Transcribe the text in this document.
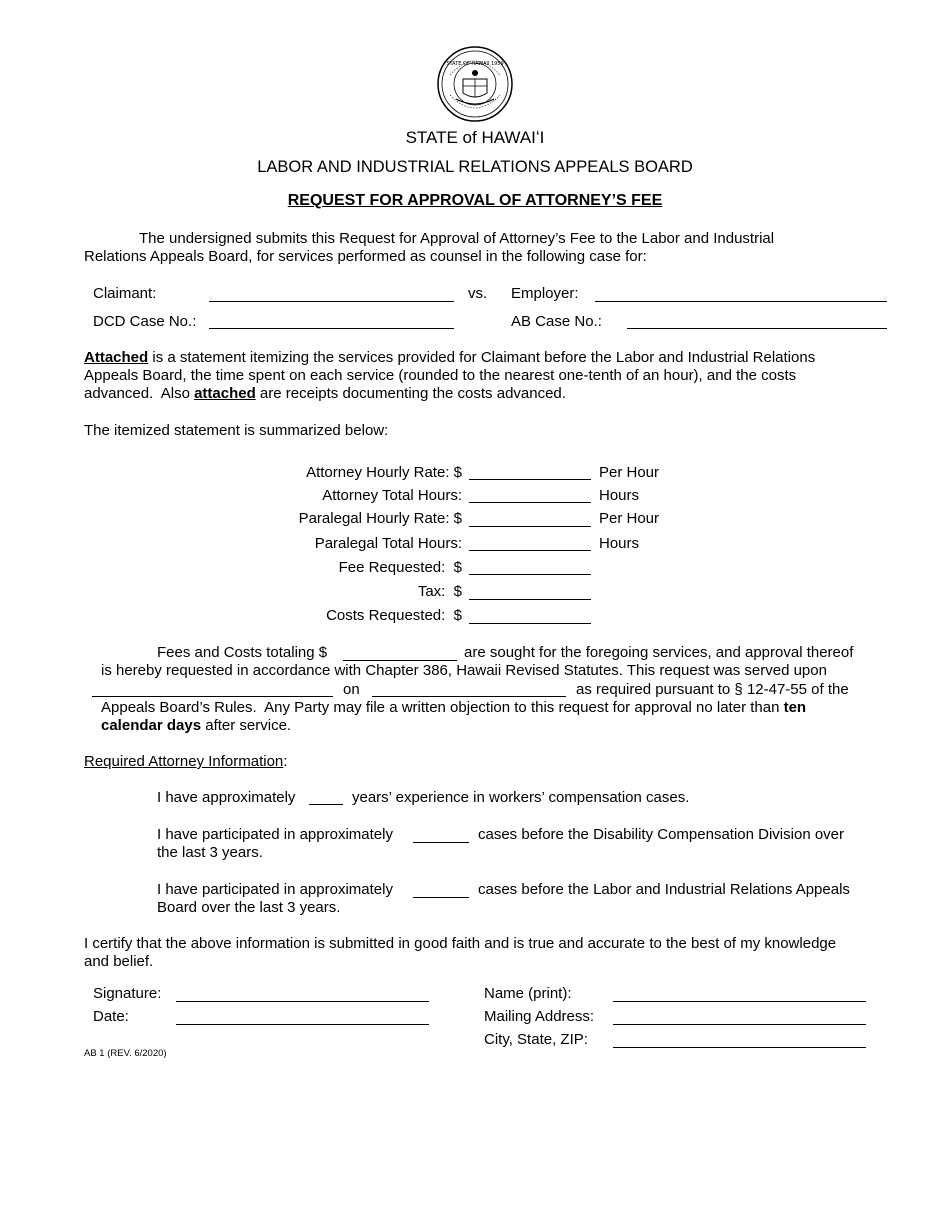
STATE OF HAWAII 1959
STATE of HAWAIʻI
LABOR AND INDUSTRIAL RELATIONS APPEALS BOARD
REQUEST FOR APPROVAL OF ATTORNEY’S FEE
The undersigned submits this Request for Approval of Attorney’s Fee to the Labor and Industrial
Relations Appeals Board, for services performed as counsel in the following case for:
Claimant:	vs. Employer:
DCD Case No.:	AB Case No.:
Attached is a statement itemizing the services provided for Claimant before the Labor and Industrial Relations
Appeals Board, the time spent on each service (rounded to the nearest one-tenth of an hour), and the costs
advanced.  Also attached are receipts documenting the costs advanced.
The itemized statement is summarized below:
Attorney Hourly Rate: $	Per Hour
Attorney Total Hours:	Hours
Paralegal Hourly Rate: $	Per Hour
Paralegal Total Hours:	Hours
Fee Requested:  $
Tax:  $
Costs Requested:  $
Fees and Costs totaling $	are sought for the foregoing services, and approval thereof
is hereby requested in accordance with Chapter 386, Hawaii Revised Statutes. This request was served upon
on	as required pursuant to § 12-47-55 of the
Appeals Board’s Rules.  Any Party may file a written objection to this request for approval no later than ten
calendar days after service.
Required Attorney Information:
I have approximately	years’ experience in workers’ compensation cases.
I have participated in approximately	cases before the Disability Compensation Division over
the last 3 years.
I have participated in approximately	cases before the Labor and Industrial Relations Appeals
Board over the last 3 years.
I certify that the above information is submitted in good faith and is true and accurate to the best of my knowledge
and belief.
Signature:
Date:
Name (print):
Mailing Address:
City, State, ZIP:
AB 1 (REV. 6/2020)
